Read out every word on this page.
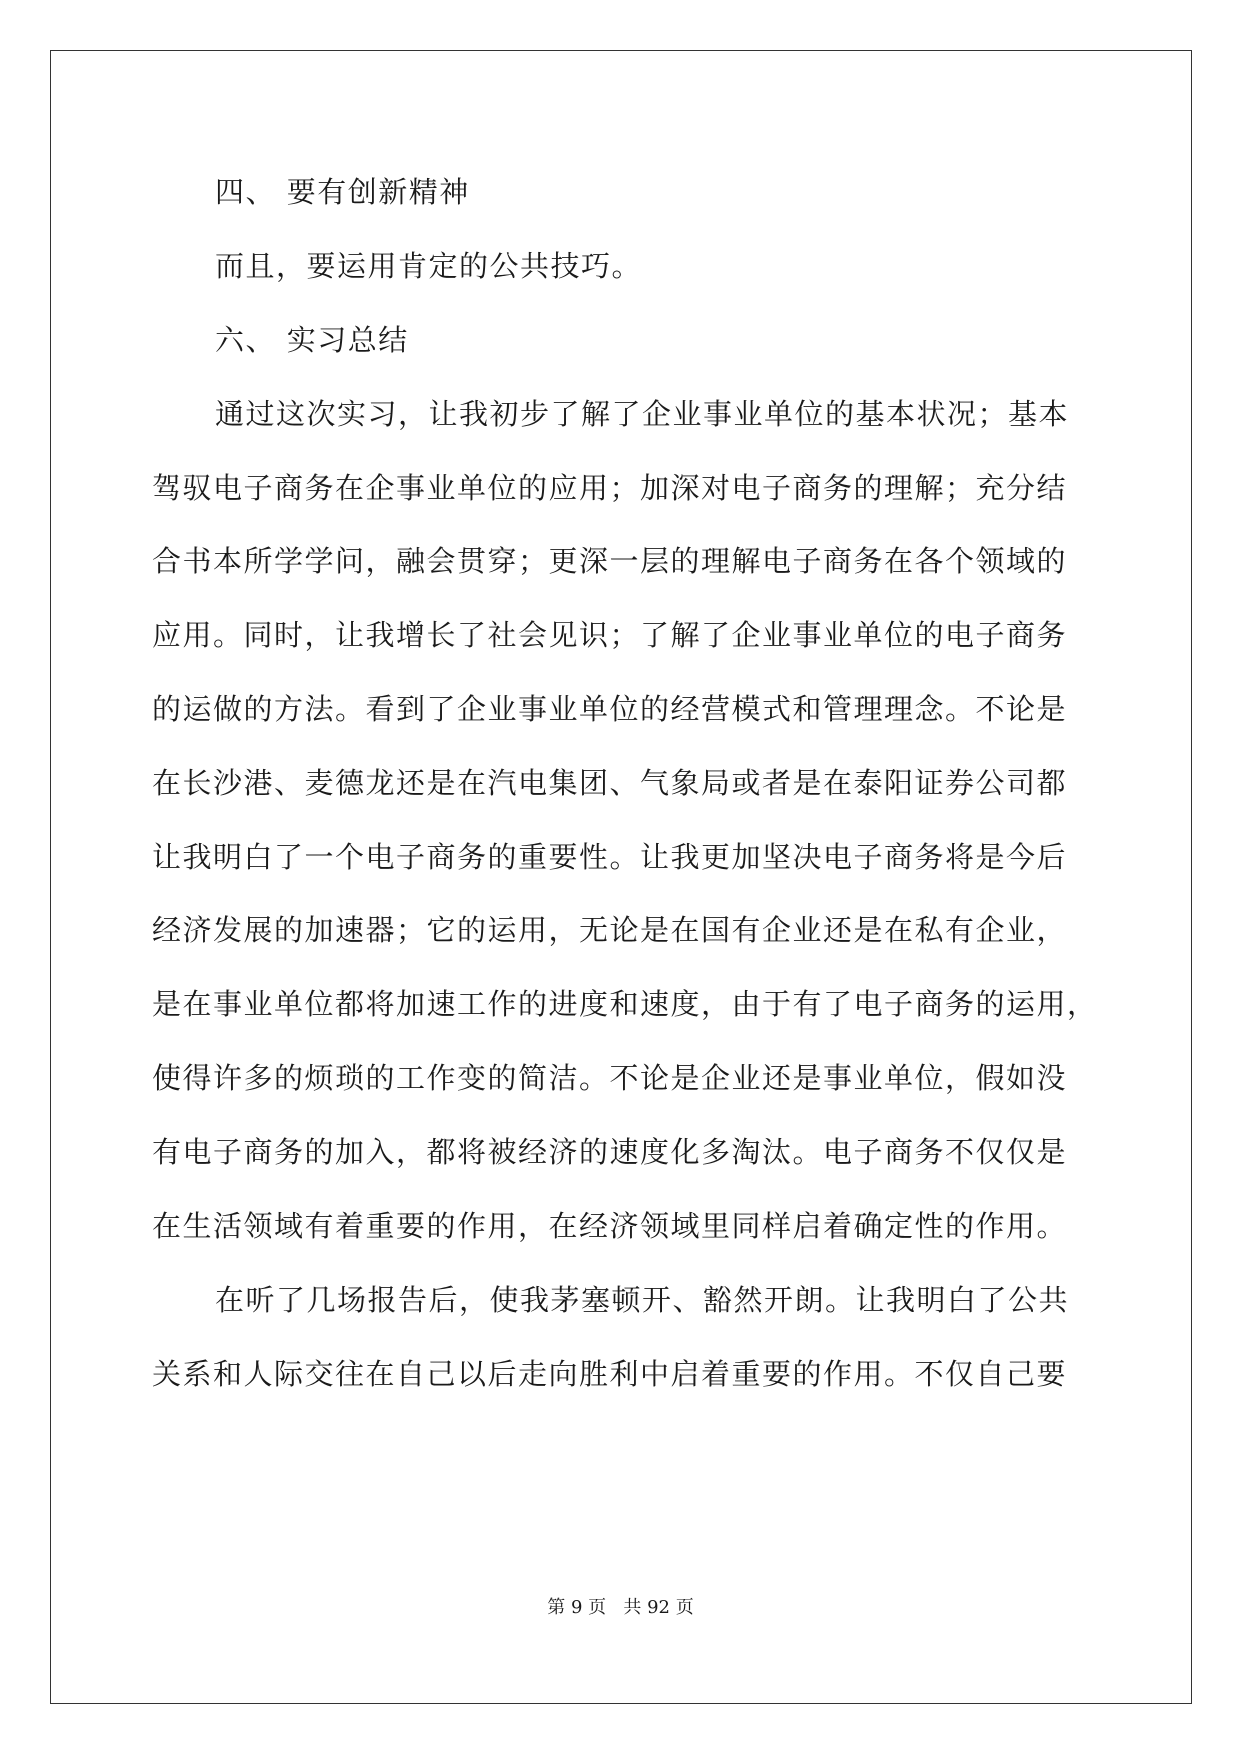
四、 要有创新精神
而且，要运用肯定的公共技巧。
六、 实习总结
通过这次实习，让我初步了解了企业事业单位的基本状况；基本
驾驭电子商务在企事业单位的应用；加深对电子商务的理解；充分结
合书本所学学问，融会贯穿；更深一层的理解电子商务在各个领域的
应用。同时，让我增长了社会见识；了解了企业事业单位的电子商务
的运做的方法。看到了企业事业单位的经营模式和管理理念。不论是
在长沙港、麦德龙还是在汽电集团、气象局或者是在泰阳证券公司都
让我明白了一个电子商务的重要性。让我更加坚决电子商务将是今后
经济发展的加速器；它的运用，无论是在国有企业还是在私有企业，
是在事业单位都将加速工作的进度和速度，由于有了电子商务的运用，
使得许多的烦琐的工作变的简洁。不论是企业还是事业单位，假如没
有电子商务的加入，都将被经济的速度化多淘汰。电子商务不仅仅是
在生活领域有着重要的作用，在经济领域里同样启着确定性的作用。
在听了几场报告后，使我茅塞顿开、豁然开朗。让我明白了公共
关系和人际交往在自己以后走向胜利中启着重要的作用。不仅自己要
第 9 页   共 92 页
